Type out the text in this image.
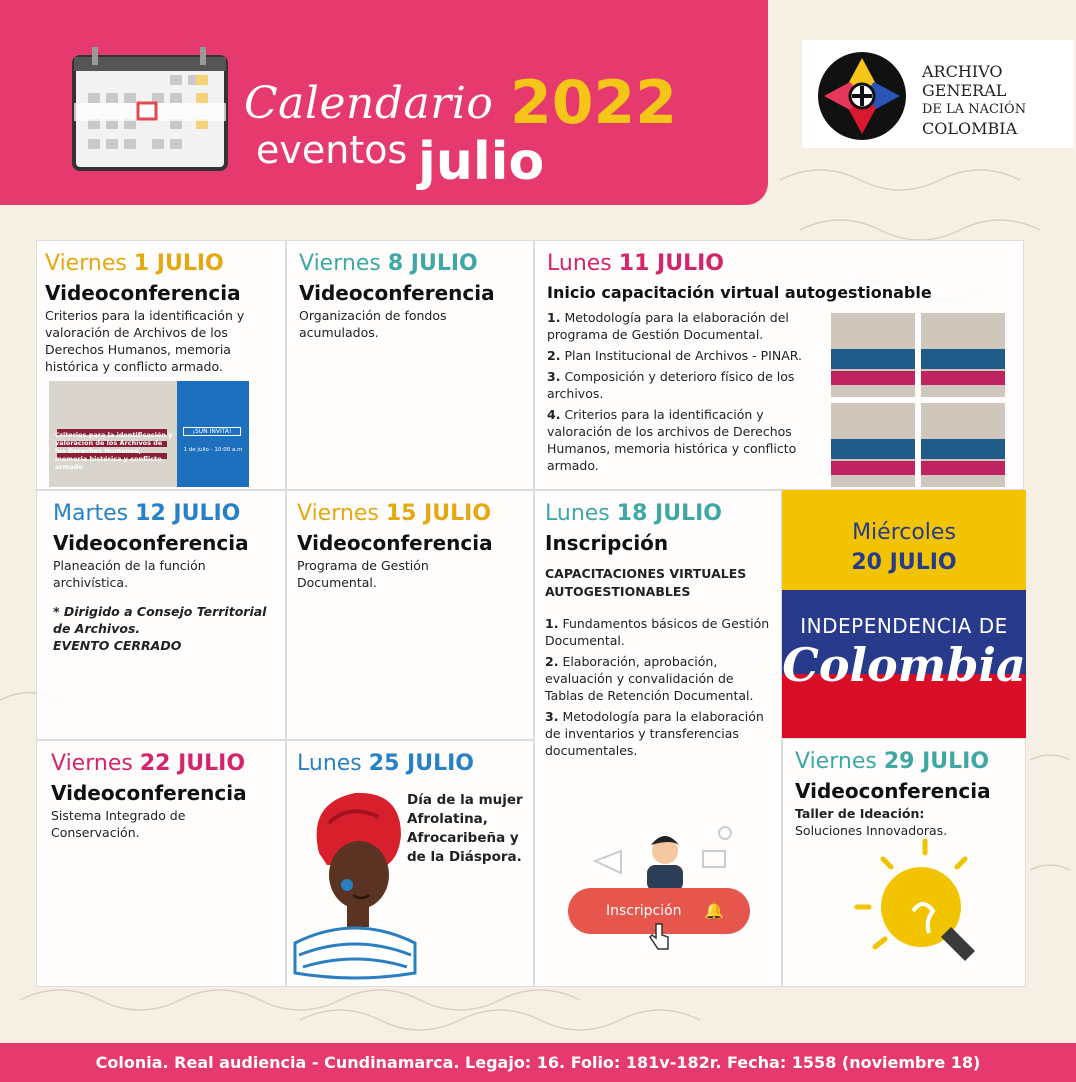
Calendario 2022
eventos julio
ARCHIVO
GENERAL
DE LA NACIÓN
COLOMBIA
Viernes 1 JULIO
Videoconferencia
Criterios para la identificación y valoración de Archivos de los Derechos Humanos, memoria histórica y conflicto armado.
Criterios para la identificación y valoración de los Archivos de los Derechos Humanos, memoria histórica y conflicto armado
¡SUN INVITA!
1 de julio - 10:00 a.m
Viernes 8 JULIO
Videoconferencia
Organización de fondos acumulados.
Lunes 11 JULIO
Inicio capacitación virtual autogestionable
1. Metodología para la elaboración del programa de Gestión Documental.
2. Plan Institucional de Archivos - PINAR.
3. Composición y deterioro físico de los archivos.
4. Criterios para la identificación y valoración de los archivos de Derechos Humanos, memoria histórica y conflicto armado.
Martes 12 JULIO
Videoconferencia
Planeación de la función archivística.
* Dirigido a Consejo Territorial de Archivos.
EVENTO CERRADO
Viernes 15 JULIO
Videoconferencia
Programa de Gestión Documental.
Lunes 18 JULIO
Inscripción
CAPACITACIONES VIRTUALES AUTOGESTIONABLES
1. Fundamentos básicos de Gestión Documental.
2. Elaboración, aprobación, evaluación y convalidación de Tablas de Retención Documental.
3. Metodología para la elaboración de inventarios y transferencias documentales.
Inscripción 🔔
Miércoles
20 JULIO
INDEPENDENCIA DE
Colombia
Viernes 22 JULIO
Videoconferencia
Sistema Integrado de Conservación.
Lunes 25 JULIO
Día de la mujer Afrolatina, Afrocaribeña y de la Diáspora.
Viernes 29 JULIO
Videoconferencia
Taller de Ideación:
Soluciones Innovadoras.
Colonia. Real audiencia - Cundinamarca. Legajo: 16. Folio: 181v-182r. Fecha: 1558 (noviembre 18)
